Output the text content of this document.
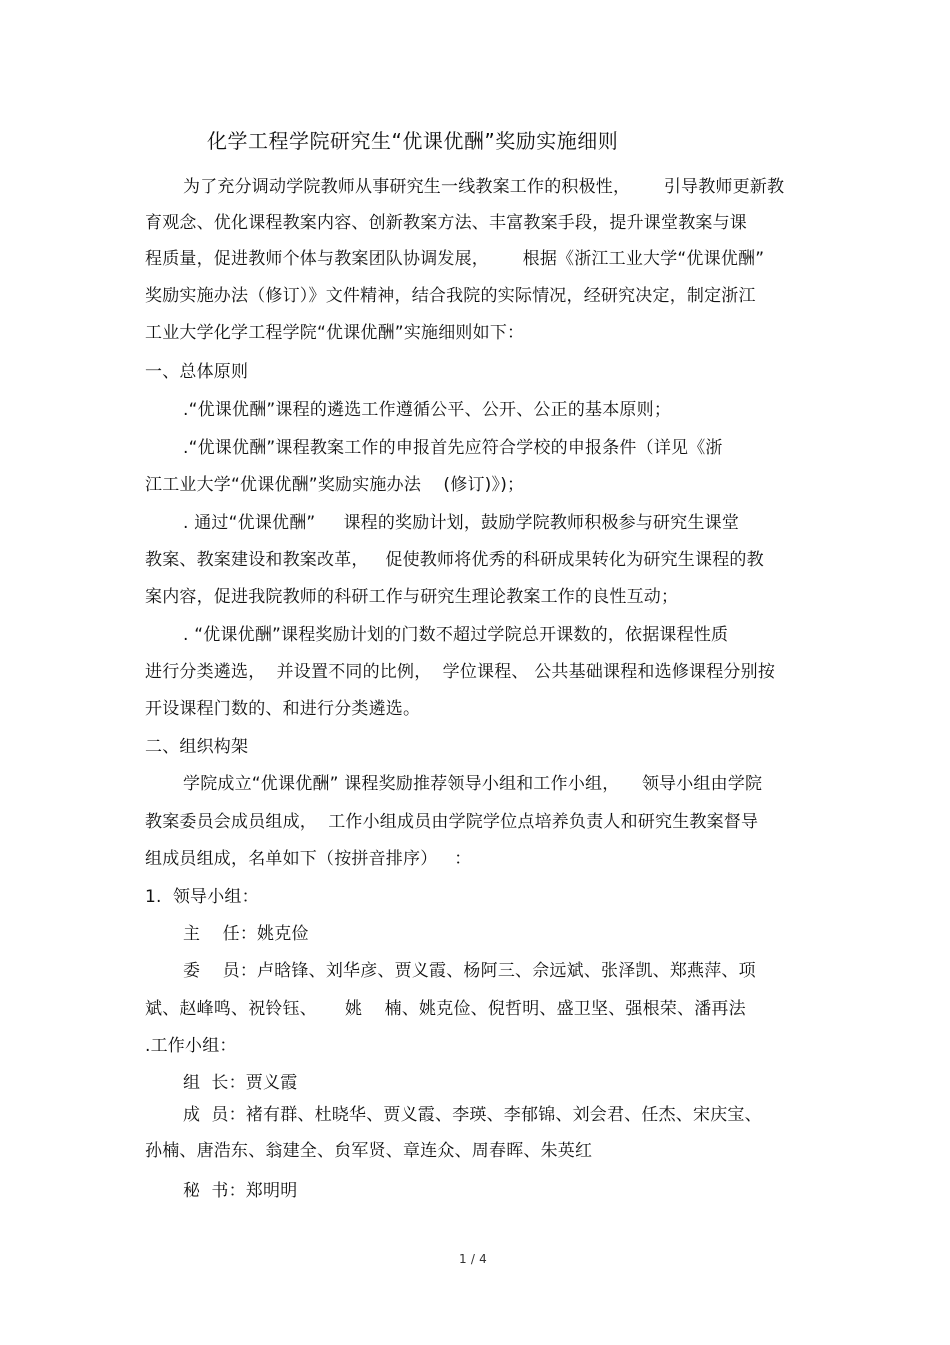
化学工程学院研究生“优课优酬”奖励实施细则
为了充分调动学院教师从事研究生一线教案工作的积极性，      引导教师更新教
育观念、优化课程教案内容、创新教案方法、丰富教案手段，提升课堂教案与课
程质量，促进教师个体与教案团队协调发展，      根据《浙江工业大学“优课优酬”
奖励实施办法（修订）》文件精神，结合我院的实际情况，经研究决定，制定浙江
工业大学化学工程学院“优课优酬”实施细则如下：
一、总体原则
.“优课优酬”课程的遴选工作遵循公平、公开、公正的基本原则；
.“优课优酬”课程教案工作的申报首先应符合学校的申报条件（详见《浙
江工业大学“优课优酬”奖励实施办法    (修订)》)；
. 通过“优课优酬”     课程的奖励计划，鼓励学院教师积极参与研究生课堂
教案、教案建设和教案改革，   促使教师将优秀的科研成果转化为研究生课程的教
案内容，促进我院教师的科研工作与研究生理论教案工作的良性互动；
. “优课优酬”课程奖励计划的门数不超过学院总开课数的，依据课程性质
进行分类遴选，  并设置不同的比例，  学位课程、 公共基础课程和选修课程分别按
开设课程门数的、和进行分类遴选。
二、组织构架
学院成立“优课优酬” 课程奖励推荐领导小组和工作小组，    领导小组由学院
教案委员会成员组成，  工作小组成员由学院学位点培养负责人和研究生教案督导
组成员组成，名单如下（按拼音排序）   ：
1.  领导小组：
主    任：姚克俭
委    员：卢晗锋、刘华彦、贾义霞、杨阿三、佘远斌、张泽凯、郑燕萍、项
斌、赵峰鸣、祝铃钰、     姚    楠、姚克俭、倪哲明、盛卫坚、强根荣、潘再法
.工作小组：
组  长：贾义霞
成  员：褚有群、杜晓华、贾义霞、李瑛、李郁锦、刘会君、任杰、宋庆宝、
孙楠、唐浩东、翁建全、贠军贤、章连众、周春晖、朱英红
秘  书：郑明明
1 / 4
